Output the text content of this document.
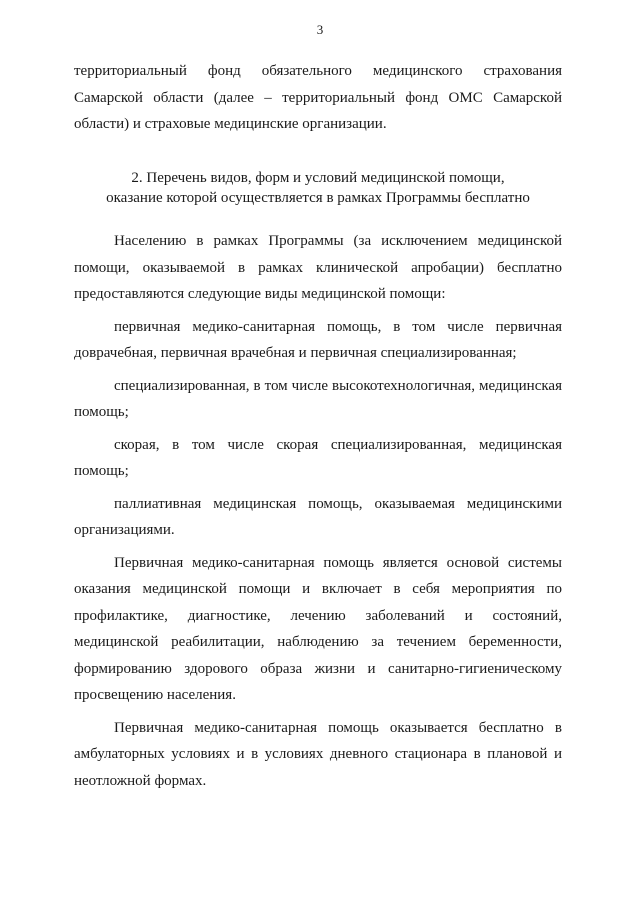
3

территориальный фонд обязательного медицинского страхования Самарской области (далее – территориальный фонд ОМС Самарской области) и страховые медицинские организации.

2. Перечень видов, форм и условий медицинской помощи,
оказание которой осуществляется в рамках Программы бесплатно

Населению в рамках Программы (за исключением медицинской помощи, оказываемой в рамках клинической апробации) бесплатно предоставляются следующие виды медицинской помощи:

первичная медико-санитарная помощь, в том числе первичная доврачебная, первичная врачебная и первичная специализированная;

специализированная, в том числе высокотехнологичная, медицинская помощь;

скорая, в том числе скорая специализированная, медицинская помощь;

паллиативная медицинская помощь, оказываемая медицинскими организациями.

Первичная медико-санитарная помощь является основой системы оказания медицинской помощи и включает в себя мероприятия по профилактике, диагностике, лечению заболеваний и состояний, медицинской реабилитации, наблюдению за течением беременности, формированию здорового образа жизни и санитарно-гигиеническому просвещению населения.

Первичная медико-санитарная помощь оказывается бесплатно в амбулаторных условиях и в условиях дневного стационара в плановой и неотложной формах.
